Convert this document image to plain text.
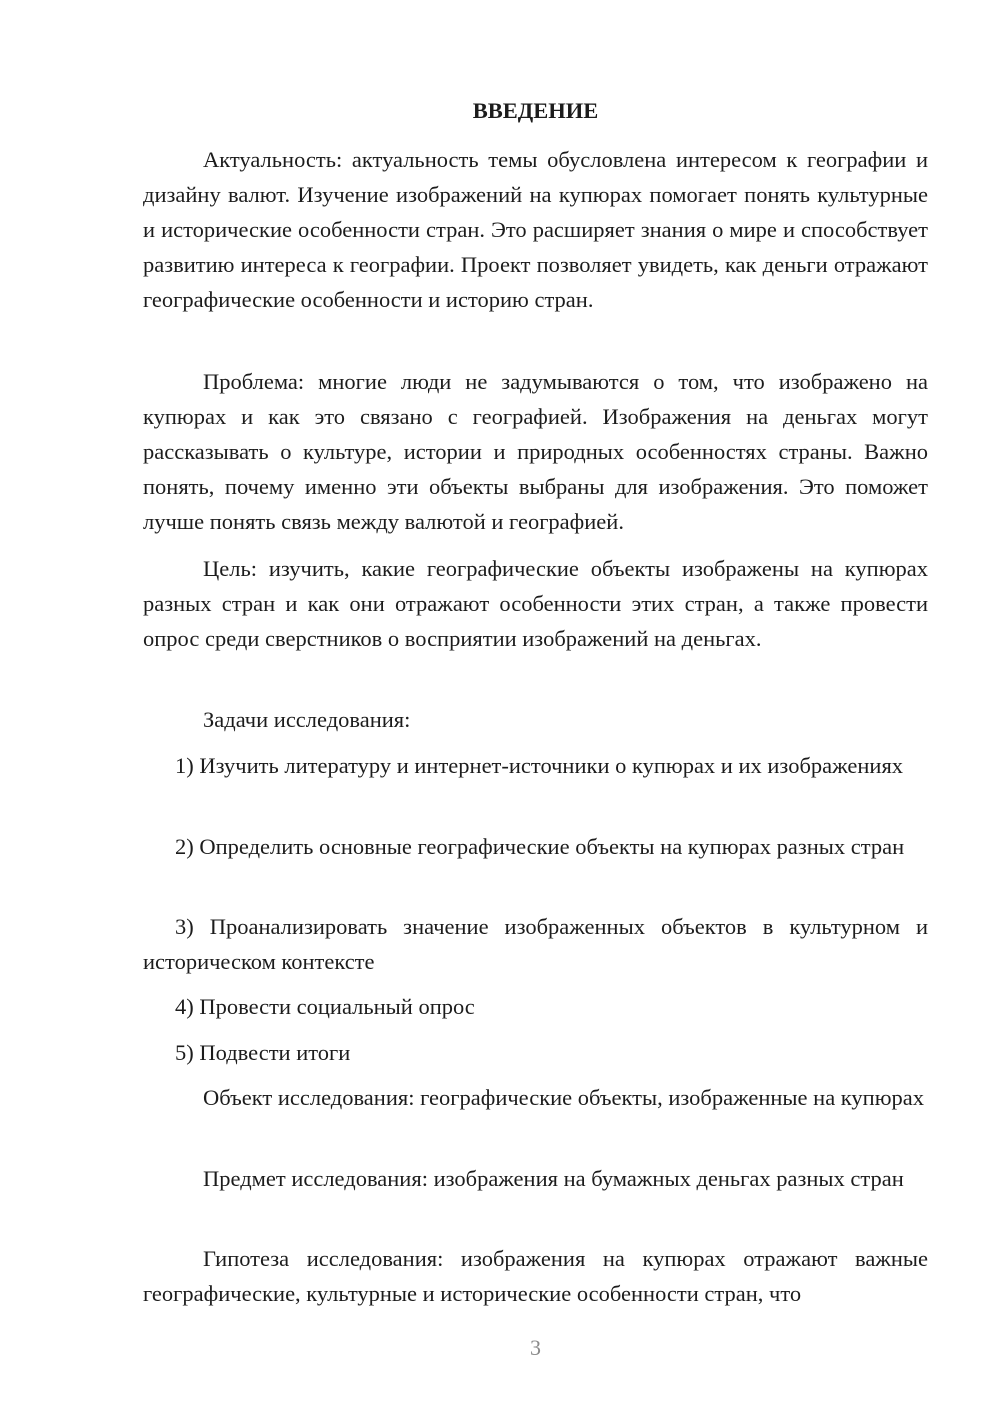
ВВЕДЕНИЕ

Актуальность: актуальность темы обусловлена интересом к географии и дизайну валют. Изучение изображений на купюрах помогает понять культурные и исторические особенности стран. Это расширяет знания о мире и способствует развитию интереса к географии. Проект позволяет увидеть, как деньги отражают географические особенности и историю стран.

Проблема: многие люди не задумываются о том, что изображено на купюрах и как это связано с географией. Изображения на деньгах могут рассказывать о культуре, истории и природных особенностях страны. Важно понять, почему именно эти объекты выбраны для изображения. Это поможет лучше понять связь между валютой и географией.

Цель: изучить, какие географические объекты изображены на купюрах разных стран и как они отражают особенности этих стран, а также провести опрос среди сверстников о восприятии изображений на деньгах.

Задачи исследования:

1) Изучить литературу и интернет-источники о купюрах и их изображениях

2) Определить основные географические объекты на купюрах разных стран

3) Проанализировать значение изображенных объектов в культурном и историческом контексте

4) Провести социальный опрос

5) Подвести итоги

Объект исследования: географические объекты, изображенные на купюрах

Предмет исследования: изображения на бумажных деньгах разных стран

Гипотеза исследования: изображения на купюрах отражают важные географические, культурные и исторические особенности стран, что

3
